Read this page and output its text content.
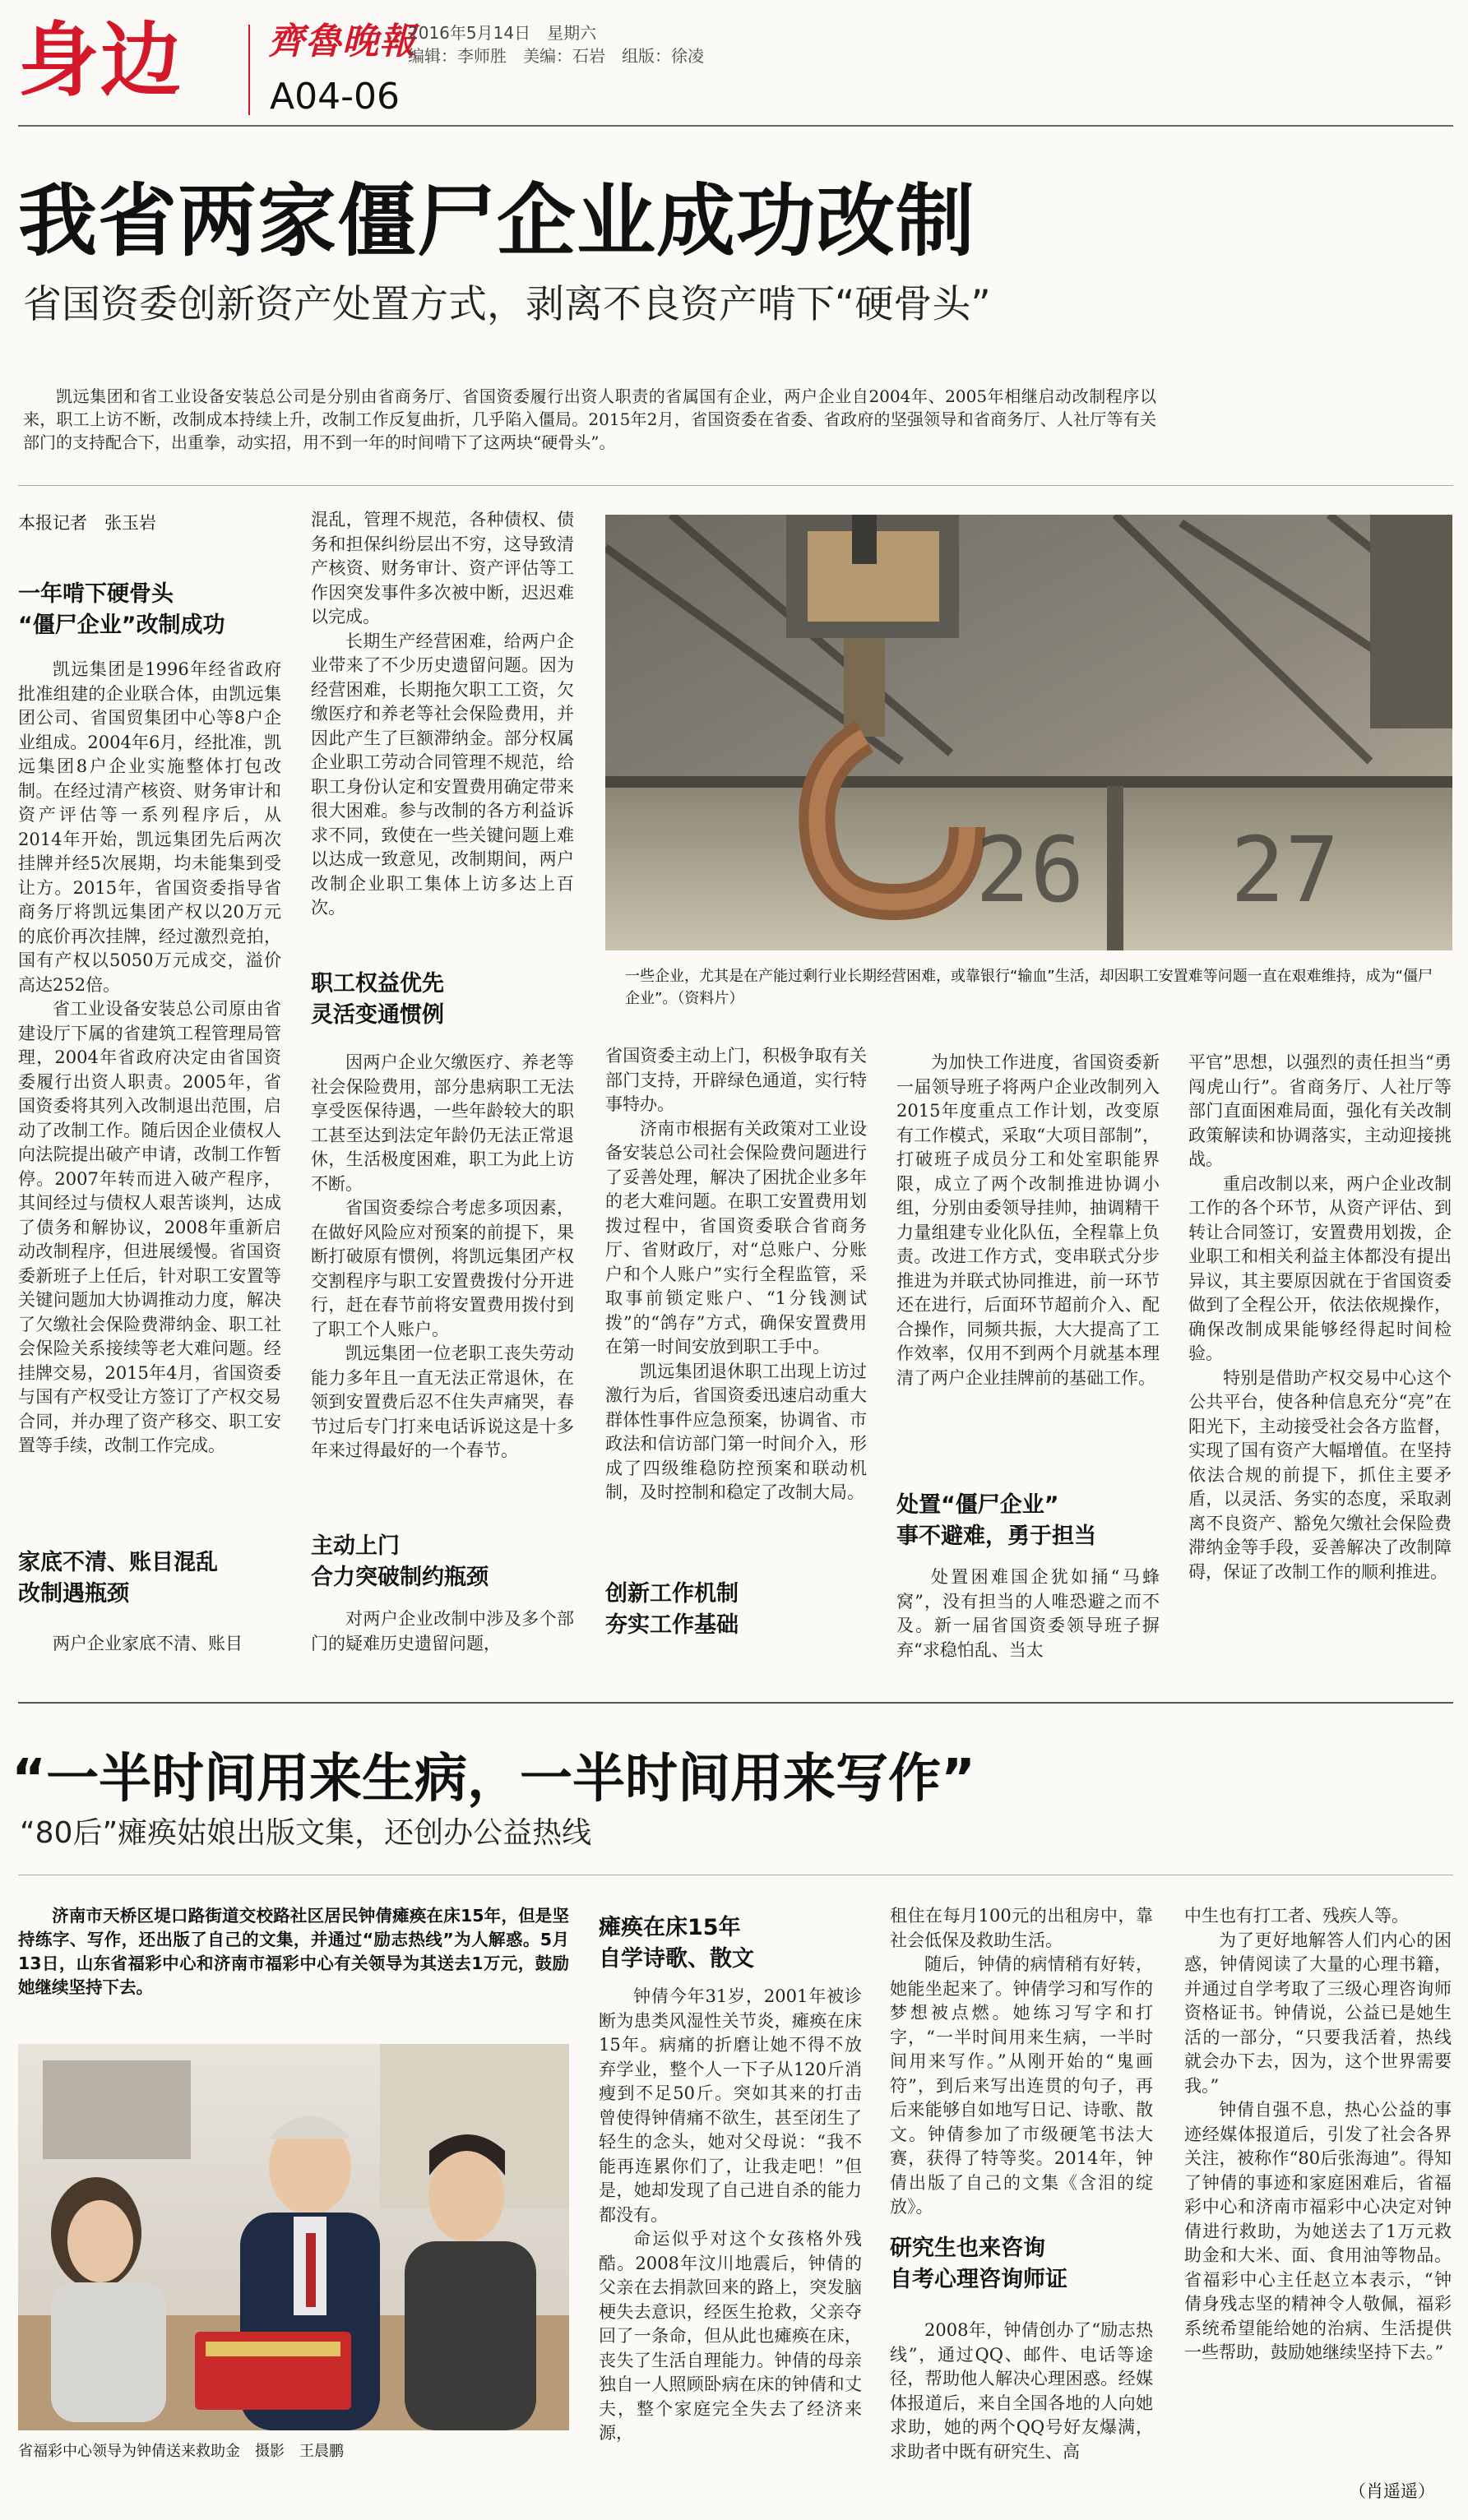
身边 齊魯晚報
A04-06
2016年5月14日　星期六
编辑：李师胜　美编：石岩　组版：徐凌
我省两家僵尸企业成功改制
省国资委创新资产处置方式，剥离不良资产啃下“硬骨头”

凯远集团和省工业设备安装总公司是分别由省商务厅、省国资委履行出资人职责的省属国有企业，两户企业自2004年、2005年相继启动改制程序以来，职工上访不断，改制成本持续上升，改制工作反复曲折，几乎陷入僵局。2015年2月，省国资委在省委、省政府的坚强领导和省商务厅、人社厅等有关部门的支持配合下，出重拳，动实招，用不到一年的时间啃下了这两块“硬骨头”。

本报记者　张玉岩
一年啃下硬骨头
“僵尸企业”改制成功

凯远集团是1996年经省政府批准组建的企业联合体，由凯远集团公司、省国贸集团中心等8户企业组成。2004年6月，经批准，凯远集团8户企业实施整体打包改制。在经过清产核资、财务审计和资产评估等一系列程序后，从2014年开始，凯远集团先后两次挂牌并经5次展期，均未能集到受让方。2015年，省国资委指导省商务厅将凯远集团产权以20万元的底价再次挂牌，经过激烈竞拍，国有产权以5050万元成交，溢价高达252倍。

省工业设备安装总公司原由省建设厅下属的省建筑工程管理局管理，2004年省政府决定由省国资委履行出资人职责。2005年，省国资委将其列入改制退出范围，启动了改制工作。随后因企业债权人向法院提出破产申请，改制工作暂停。2007年转而进入破产程序，其间经过与债权人艰苦谈判，达成了债务和解协议，2008年重新启动改制程序，但进展缓慢。省国资委新班子上任后，针对职工安置等关键问题加大协调推动力度，解决了欠缴社会保险费滞纳金、职工社会保险关系接续等老大难问题。经挂牌交易，2015年4月，省国资委与国有产权受让方签订了产权交易合同，并办理了资产移交、职工安置等手续，改制工作完成。

家底不清、账目混乱
改制遇瓶颈

两户企业家底不清、账目

混乱，管理不规范，各种债权、债务和担保纠纷层出不穷，这导致清产核资、财务审计、资产评估等工作因突发事件多次被中断，迟迟难以完成。

长期生产经营困难，给两户企业带来了不少历史遗留问题。因为经营困难，长期拖欠职工工资，欠缴医疗和养老等社会保险费用，并因此产生了巨额滞纳金。部分权属企业职工劳动合同管理不规范，给职工身份认定和安置费用确定带来很大困难。参与改制的各方利益诉求不同，致使在一些关键问题上难以达成一致意见，改制期间，两户改制企业职工集体上访多达上百次。

职工权益优先
灵活变通惯例

因两户企业欠缴医疗、养老等社会保险费用，部分患病职工无法享受医保待遇，一些年龄较大的职工甚至达到法定年龄仍无法正常退休，生活极度困难，职工为此上访不断。

省国资委综合考虑多项因素，在做好风险应对预案的前提下，果断打破原有惯例，将凯远集团产权交割程序与职工安置费拨付分开进行，赶在春节前将安置费用拨付到了职工个人账户。

凯远集团一位老职工丧失劳动能力多年且一直无法正常退休，在领到安置费后忍不住失声痛哭，春节过后专门打来电话诉说这是十多年来过得最好的一个春节。

主动上门
合力突破制约瓶颈

对两户企业改制中涉及多个部门的疑难历史遗留问题，

26 27
一些企业，尤其是在产能过剩行业长期经营困难，或靠银行“输血”生活，却因职工安置难等问题一直在艰难维持，成为“僵尸企业”。（资料片）

省国资委主动上门，积极争取有关部门支持，开辟绿色通道，实行特事特办。

济南市根据有关政策对工业设备安装总公司社会保险费问题进行了妥善处理，解决了困扰企业多年的老大难问题。在职工安置费用划拨过程中，省国资委联合省商务厅、省财政厅，对“总账户、分账户和个人账户”实行全程监管，采取事前锁定账户、“1分钱测试拨”的“鸽存”方式，确保安置费用在第一时间安放到职工手中。

凯远集团退休职工出现上访过激行为后，省国资委迅速启动重大群体性事件应急预案，协调省、市政法和信访部门第一时间介入，形成了四级维稳防控预案和联动机制，及时控制和稳定了改制大局。

创新工作机制
夯实工作基础

为加快工作进度，省国资委新一届领导班子将两户企业改制列入2015年度重点工作计划，改变原有工作模式，采取“大项目部制”，打破班子成员分工和处室职能界限，成立了两个改制推进协调小组，分别由委领导挂帅，抽调精干力量组建专业化队伍，全程靠上负责。改进工作方式，变串联式分步推进为并联式协同推进，前一环节还在进行，后面环节超前介入、配合操作，同频共振，大大提高了工作效率，仅用不到两个月就基本理清了两户企业挂牌前的基础工作。

处置“僵尸企业”
事不避难，勇于担当

处置困难国企犹如捅“马蜂窝”，没有担当的人唯恐避之而不及。新一届省国资委领导班子摒弃“求稳怕乱、当太

平官”思想，以强烈的责任担当“勇闯虎山行”。省商务厅、人社厅等部门直面困难局面，强化有关改制政策解读和协调落实，主动迎接挑战。

重启改制以来，两户企业改制工作的各个环节，从资产评估、到转让合同签订，安置费用划拨，企业职工和相关利益主体都没有提出异议，其主要原因就在于省国资委做到了全程公开，依法依规操作，确保改制成果能够经得起时间检验。

特别是借助产权交易中心这个公共平台，使各种信息充分“亮”在阳光下，主动接受社会各方监督，实现了国有资产大幅增值。在坚持依法合规的前提下，抓住主要矛盾，以灵活、务实的态度，采取剥离不良资产、豁免欠缴社会保险费滞纳金等手段，妥善解决了改制障碍，保证了改制工作的顺利推进。

“一半时间用来生病，一半时间用来写作”
“80后”瘫痪姑娘出版文集，还创办公益热线
济南市天桥区堤口路街道交校路社区居民钟倩瘫痪在床15年，但是坚持练字、写作，还出版了自己的文集，并通过“励志热线”为人解惑。5月13日，山东省福彩中心和济南市福彩中心有关领导为其送去1万元，鼓励她继续坚持下去。
省福彩中心领导为钟倩送来救助金　摄影　王晨鹏
瘫痪在床15年
自学诗歌、散文

钟倩今年31岁，2001年被诊断为患类风湿性关节炎，瘫痪在床15年。病痛的折磨让她不得不放弃学业，整个人一下子从120斤消瘦到不足50斤。突如其来的打击曾使得钟倩痛不欲生，甚至闭生了轻生的念头，她对父母说：“我不能再连累你们了，让我走吧！”但是，她却发现了自己进自杀的能力都没有。

命运似乎对这个女孩格外残酷。2008年汶川地震后，钟倩的父亲在去捐款回来的路上，突发脑梗失去意识，经医生抢救，父亲夺回了一条命，但从此也瘫痪在床，丧失了生活自理能力。钟倩的母亲独自一人照顾卧病在床的钟倩和丈夫，整个家庭完全失去了经济来源，

租住在每月100元的出租房中，靠社会低保及救助生活。

随后，钟倩的病情稍有好转，她能坐起来了。钟倩学习和写作的梦想被点燃。她练习写字和打字，“一半时间用来生病，一半时间用来写作。”从刚开始的“鬼画符”，到后来写出连贯的句子，再后来能够自如地写日记、诗歌、散文。钟倩参加了市级硬笔书法大赛，获得了特等奖。2014年，钟倩出版了自己的文集《含泪的绽放》。

研究生也来咨询
自考心理咨询师证

2008年，钟倩创办了“励志热线”，通过QQ、邮件、电话等途径，帮助他人解决心理困惑。经媒体报道后，来自全国各地的人向她求助，她的两个QQ号好友爆满，求助者中既有研究生、高

中生也有打工者、残疾人等。

为了更好地解答人们内心的困惑，钟倩阅读了大量的心理书籍，并通过自学考取了三级心理咨询师资格证书。钟倩说，公益已是她生活的一部分，“只要我活着，热线就会办下去，因为，这个世界需要我。”

钟倩自强不息，热心公益的事迹经媒体报道后，引发了社会各界关注，被称作“80后张海迪”。得知了钟倩的事迹和家庭困难后，省福彩中心和济南市福彩中心决定对钟倩进行救助，为她送去了1万元救助金和大米、面、食用油等物品。省福彩中心主任赵立本表示，“钟倩身残志坚的精神令人敬佩，福彩系统希望能给她的治病、生活提供一些帮助，鼓励她继续坚持下去。”

（肖遥遥）
